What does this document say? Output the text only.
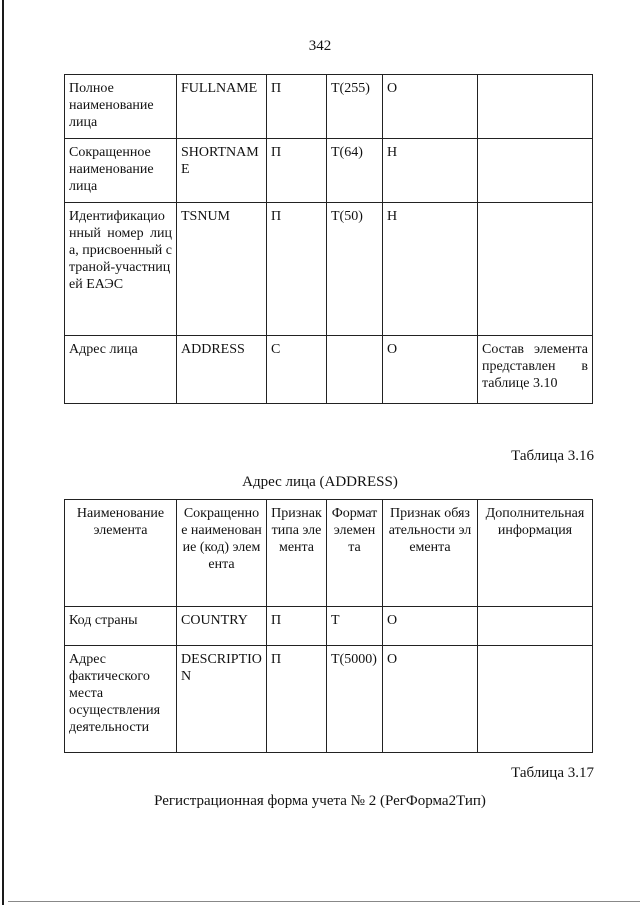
342
Полное наименование лица	FULLNAME	П	T(255)	О	
Сокращенное наименование лица	SHORTNAME	П	T(64)	Н	
Идентификационный номер лица, присвоенный страной-участницей ЕАЭС	TSNUM	П	T(50)	Н	
Адрес лица	ADDRESS	С		О	Состав элемента представлен в таблице 3.10
Таблица 3.16
Адрес лица (ADDRESS)
Наименование элемента	Сокращенное наименование (код) элемента	Признак типа элемента	Формат элемента	Признак обязательности элемента	Дополнительная информация
Код страны	COUNTRY	П	T	О	
Адрес фактического места осуществления деятельности	DESCRIPTION	П	T(5000)	О	
Таблица 3.17
Регистрационная форма учета № 2 (РегФорма2Тип)
